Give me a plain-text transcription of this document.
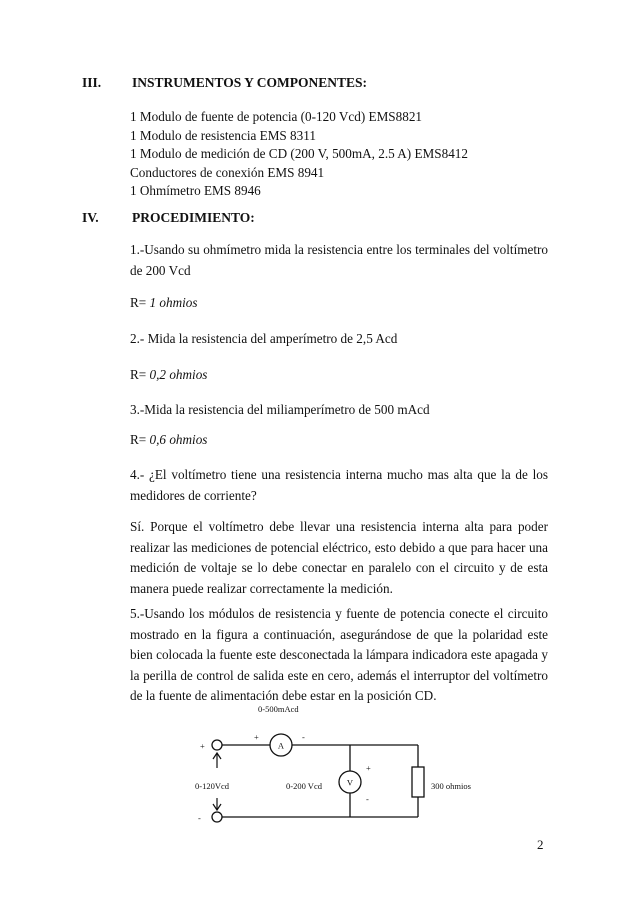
III. INSTRUMENTOS Y COMPONENTES:
1 Modulo de fuente de potencia (0-120 Vcd) EMS8821
1 Modulo de resistencia EMS 8311
1 Modulo de medición de CD (200 V, 500mA, 2.5 A) EMS8412
Conductores de conexión EMS 8941
1 Ohmímetro EMS 8946
IV. PROCEDIMIENTO:
1.-Usando su ohmímetro mida la resistencia entre los terminales del voltímetro de 200 Vcd
R= 1 ohmios
2.- Mida la resistencia del amperímetro de 2,5 Acd
R= 0,2 ohmios
3.-Mida la resistencia del miliamperímetro de 500 mAcd
R= 0,6 ohmios
4.- ¿El voltímetro tiene una resistencia interna mucho mas alta que la de los medidores de corriente?
Sí. Porque el voltímetro debe llevar una resistencia interna alta para poder realizar las mediciones de potencial eléctrico, esto debido a que para hacer una medición de voltaje se lo debe conectar en paralelo con el circuito y de esta manera puede realizar correctamente la medición.
5.-Usando los módulos de resistencia y fuente de potencia conecte el circuito mostrado en la figura a continuación, asegurándose de que la polaridad este bien colocada la fuente este desconectada la lámpara indicadora este apagada y la perilla de control de salida este en cero, además el interruptor del voltímetro de la fuente de alimentación debe estar en la posición CD.
0-500mAcd
A
V
0-120Vcd	0-200 Vcd	300 ohmios
+
-
+	-
+
-
2
